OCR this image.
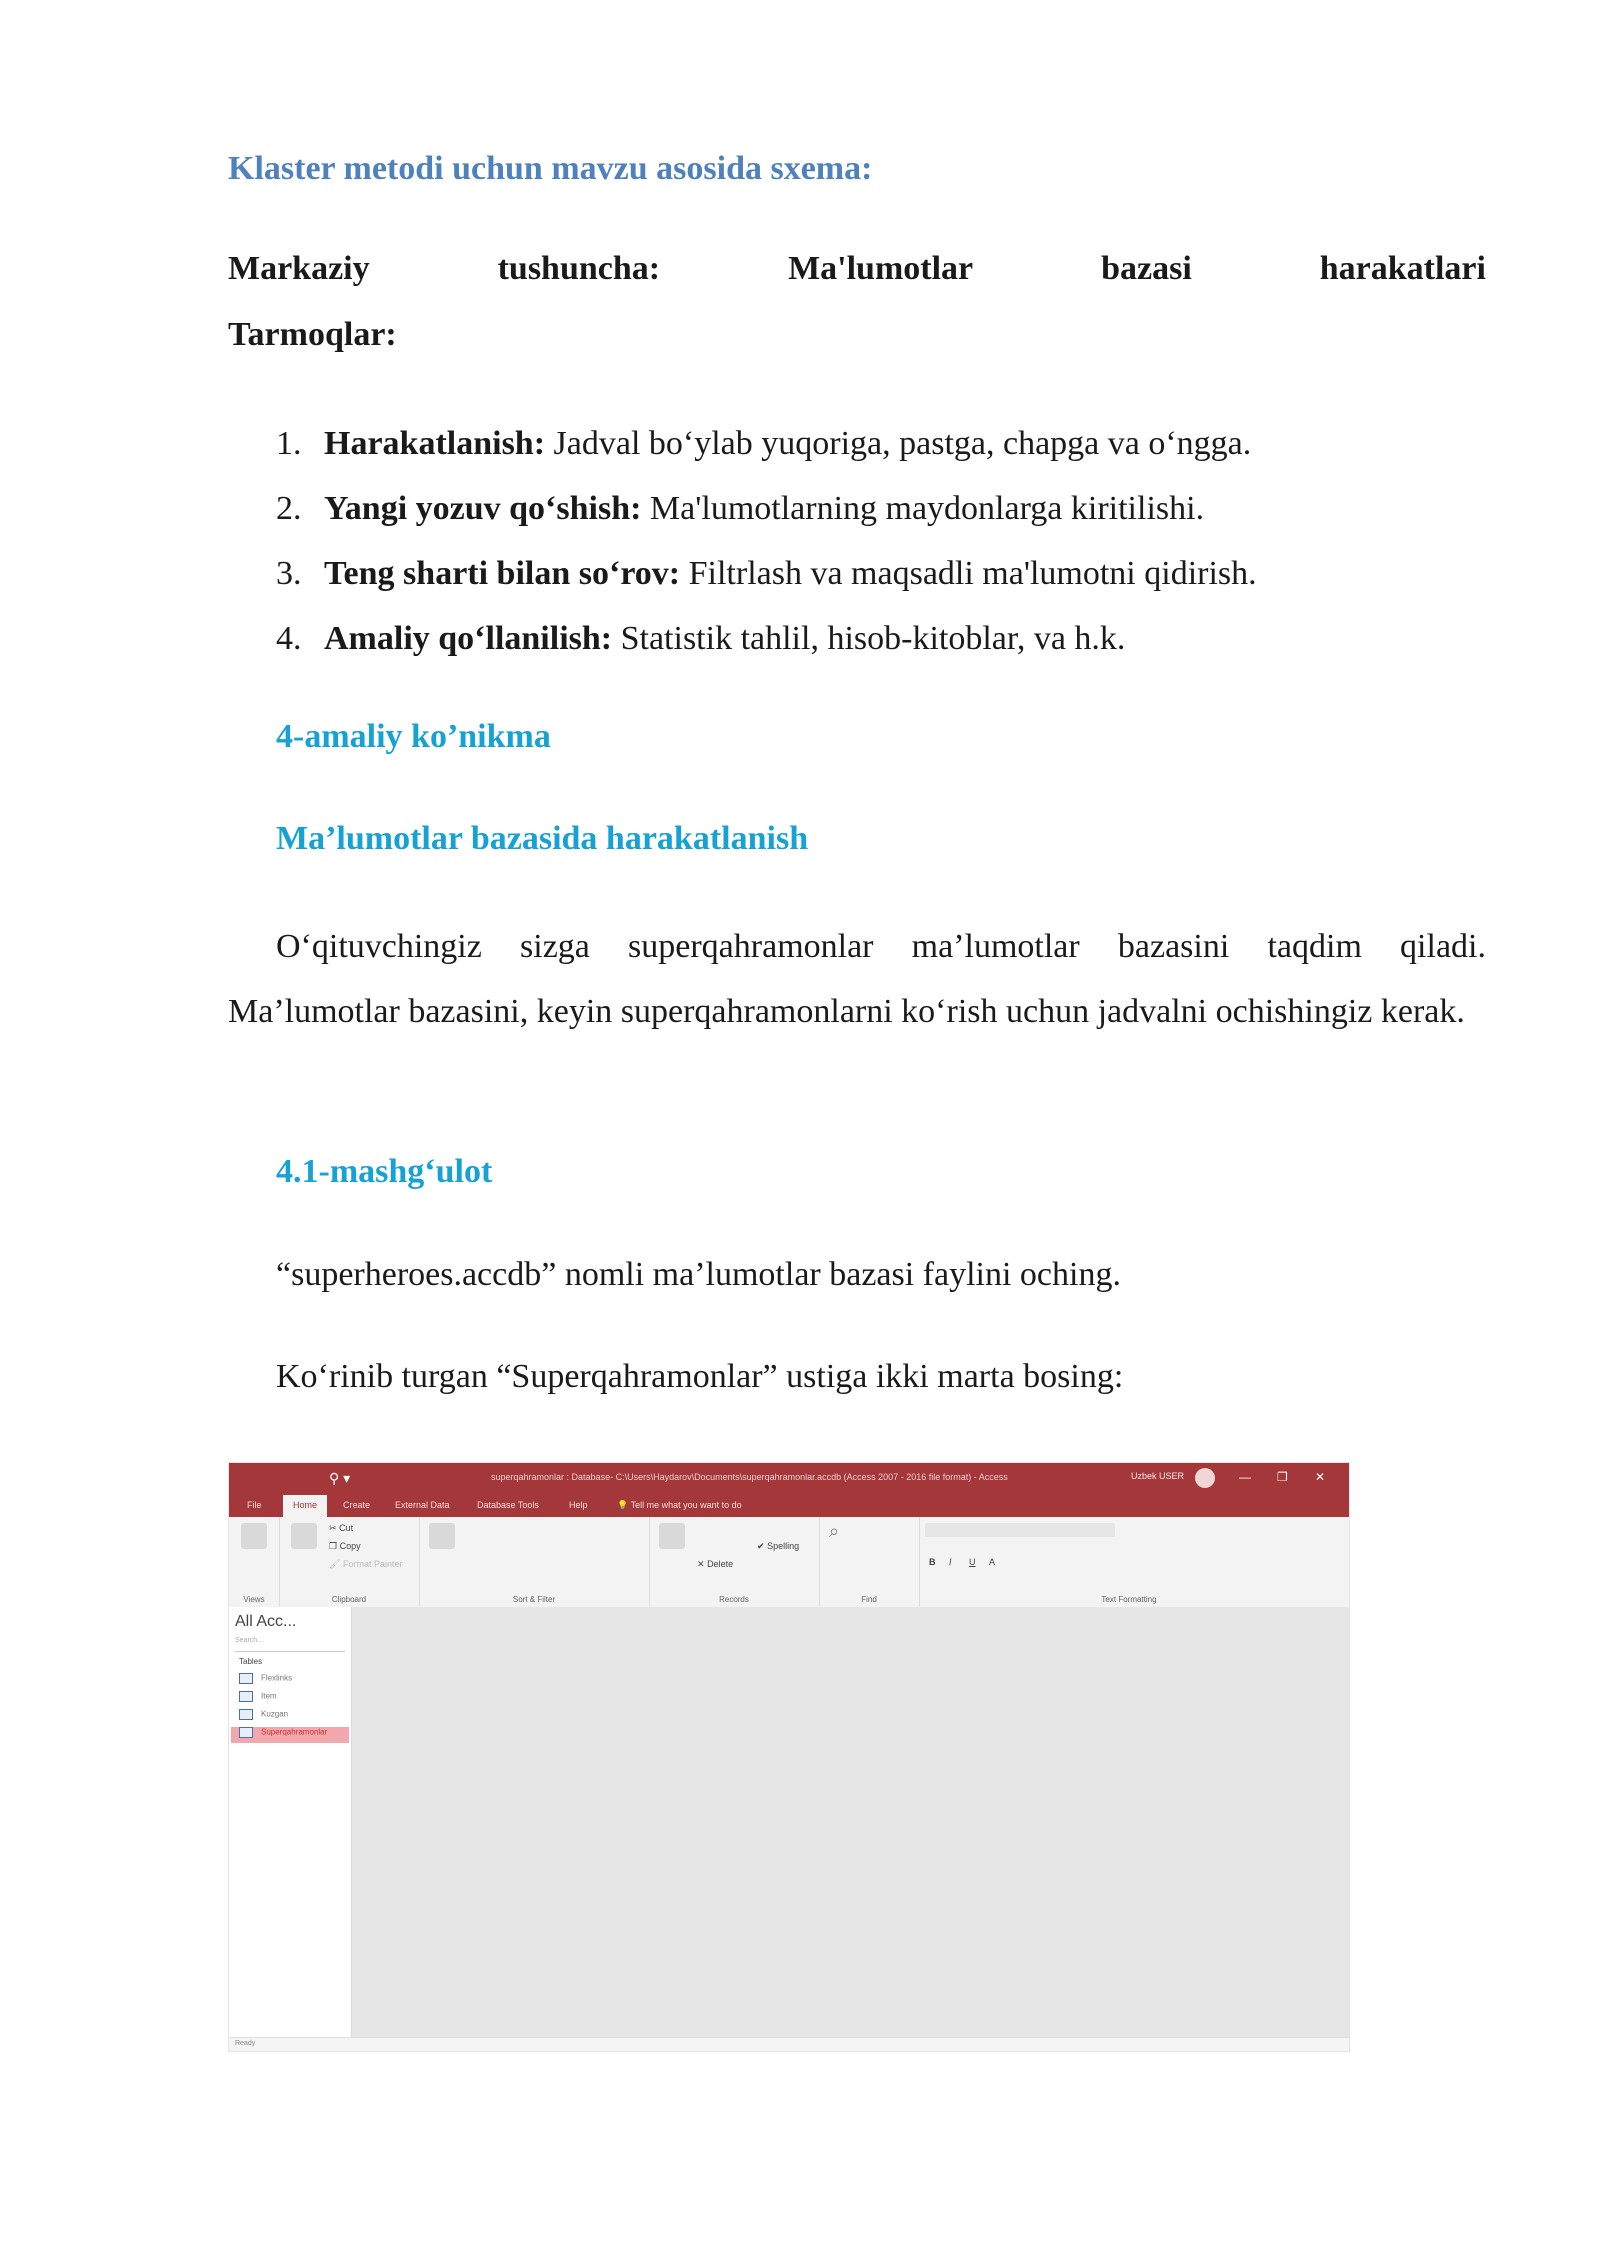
Klaster metodi uchun mavzu asosida sxema:
Markaziy	tushuncha:	Ma'lumotlar	bazasi	harakatlari
Tarmoqlar:
1. Harakatlanish: Jadval bo‘ylab yuqoriga, pastga, chapga va o‘ngga.
2. Yangi yozuv qo‘shish: Ma'lumotlarning maydonlarga kiritilishi.
3. Teng sharti bilan so‘rov: Filtrlash va maqsadli ma'lumotni qidirish.
4. Amaliy qo‘llanilish: Statistik tahlil, hisob-kitoblar, va h.k.
4-amaliy ko’nikma
Ma’lumotlar bazasida harakatlanish
O‘qituvchingiz sizga superqahramonlar ma’lumotlar bazasini taqdim qiladi. Ma’lumotlar bazasini, keyin superqahramonlarni ko‘rish uchun jadvalni ochishingiz kerak.
4.1-mashg‘ulot
“superheroes.accdb” nomli ma’lumotlar bazasi faylini oching.
Ko‘rinib turgan “Superqahramonlar” ustiga ikki marta bosing:
⚲ ▾	superqahramonlar : Database- C:\Users\Haydarov\Documents\superqahramonlar.accdb (Access 2007 - 2016 file format) - Access	Uzbek USER	— ❐ ✕
File	Home	Create	External Data	Database Tools	Help	💡 Tell me what you want to do
Views
✂ Cut
❐ Copy
🖌 Format Painter
Clipboard	Sort & Filter
✔ Spelling
✕ Delete
Records
⌕
Find
B I U A
Text Formatting
All Acc...
Search...
Tables
Flexlinks
Item
Kuzgan
Superqahramonlar
Ready
